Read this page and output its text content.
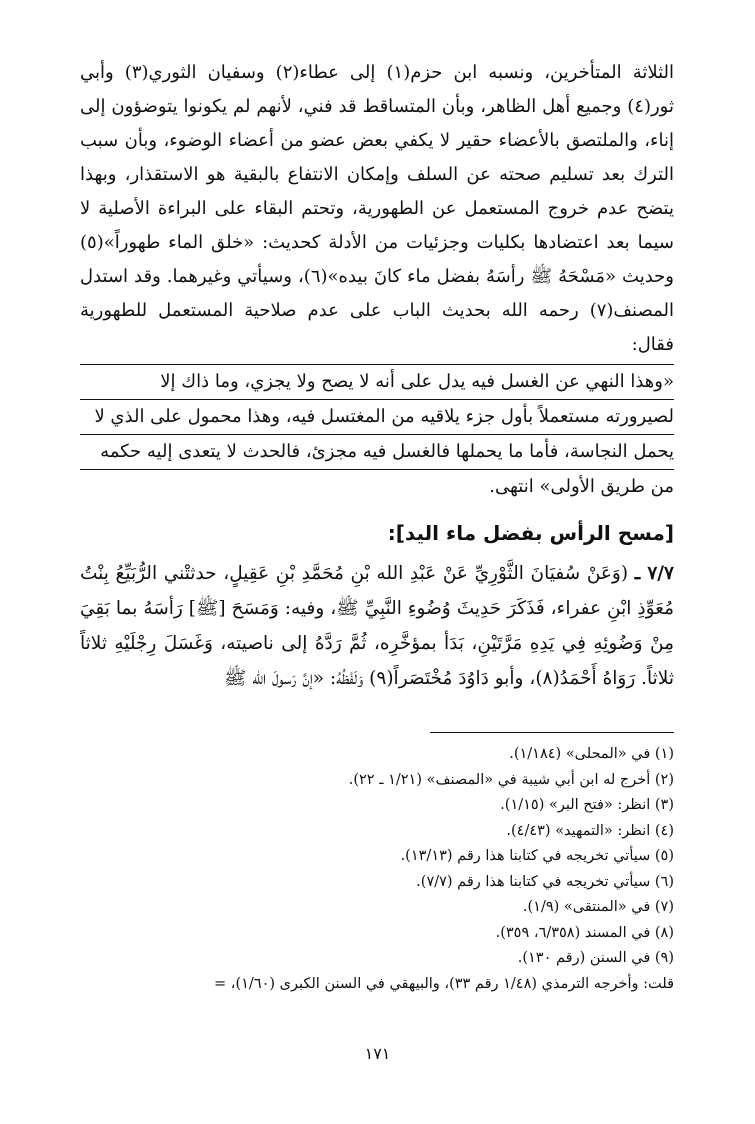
الثلاثة المتأخرين، ونسبه ابن حزم(١) إلى عطاء(٢) وسفيان الثوري(٣) وأبي ثور(٤) وجميع أهل الظاهر، وبأن المتساقط قد فني، لأنهم لم يكونوا يتوضؤون إلى إناء، والملتصق بالأعضاء حقير لا يكفي بعض عضو من أعضاء الوضوء، وبأن سبب الترك بعد تسليم صحته عن السلف وإمكان الانتفاع بالبقية هو الاستقذار، وبهذا يتضح عدم خروج المستعمل عن الطهورية، وتحتم البقاء على البراءة الأصلية لا سيما بعد اعتضادها بكليات وجزئيات من الأدلة كحديث: «خلق الماء طهوراً»(٥) وحديث «مَسْحَهُ ﷺ رأسَهُ بفضل ماء كانَ بيده»(٦)، وسيأتي وغيرهما. وقد استدل المصنف(٧) رحمه الله بحديث الباب على عدم صلاحية المستعمل للطهورية فقال:

«وهذا النهي عن الغسل فيه يدل على أنه لا يصح ولا يجزي، وما ذاك إلا
لصيرورته مستعملاً بأول جزء يلاقيه من المغتسل فيه، وهذا محمول على الذي لا
يحمل النجاسة، فأما ما يحملها فالغسل فيه مجزئ، فالحدث لا يتعدى إليه حكمه

من طريق الأولى» انتهى.

[مسح الرأس بفضل ماء اليد]:

٧/٧ ـ (وَعَنْ سُفيَانَ الثَّوْرِيِّ عَنْ عَبْدِ الله بْنِ مُحَمَّدِ بْنِ عَقِيلٍ، حدثتْني الرُّبَيِّعُ بِنْتُ مُعَوِّذِ ابْنِ عفراء، فَذَكَرَ حَدِيثَ وُضُوءِ النَّبِيِّ ﷺ، وفيه: وَمَسَحَ [ﷺ] رَأسَهُ بما بَقِيَ مِنْ وَضُوئِهِ فِي يَدِهِ مَرَّتَيْنِ، بَدَأ بمؤخَّرِه، ثُمَّ رَدَّهُ إلى ناصيته، وَغَسَلَ رِجْلَيْهِ ثلاثاً ثلاثاً. رَوَاهُ أَحْمَدُ(٨)، وأبو دَاوُدَ مُخْتَصَراً(٩) وَلَفْظُهُ: «إنَّ رَسولَ الله ﷺ

(١) في «المحلى» (١/١٨٤).

(٢) أخرج له ابن أبي شيبة في «المصنف» (١/٢١ ـ ٢٢).

(٣) انظر: «فتح البر» (١/١٥).

(٤) انظر: «التمهيد» (٤/٤٣).

(٥) سيأتي تخريجه في كتابنا هذا رقم (١٣/١٣).

(٦) سيأتي تخريجه في كتابنا هذا رقم (٧/٧).

(٧) في «المنتقى» (١/٩).

(٨) في المسند (٦/٣٥٨، ٣٥٩).

(٩) في السنن (رقم ١٣٠).

قلت: وأخرجه الترمذي (١/٤٨ رقم ٣٣)، والبيهقي في السنن الكبرى (١/٦٠)، =

١٧١
